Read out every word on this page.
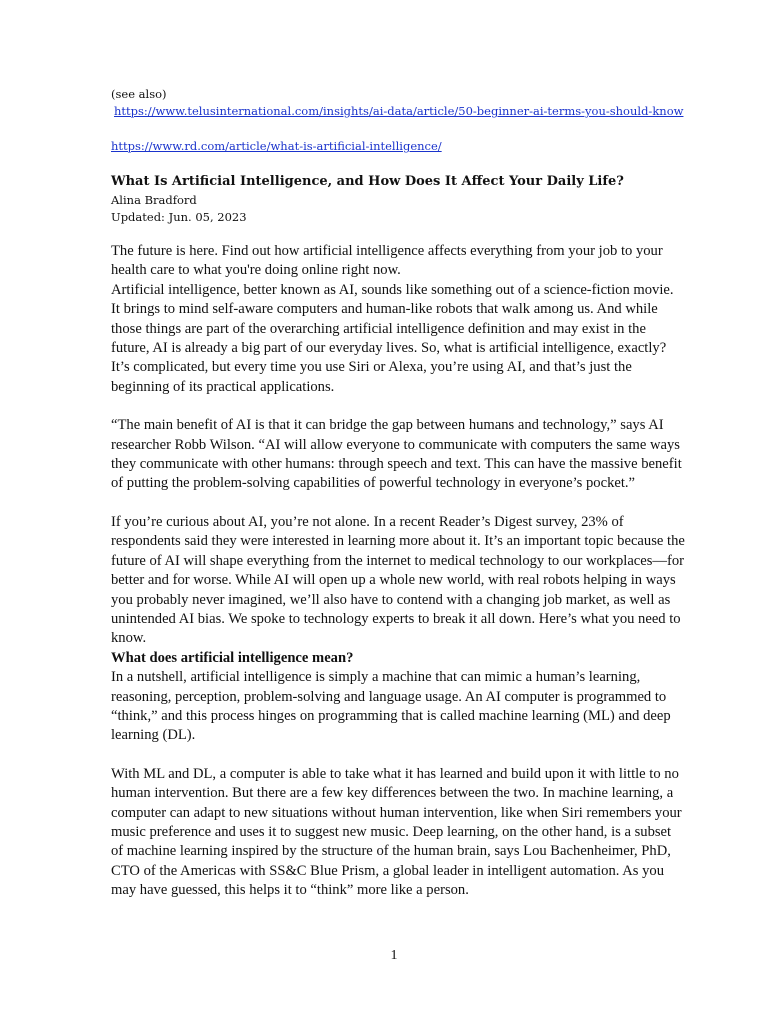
(see also)
https://www.telusinternational.com/insights/ai-data/article/50-beginner-ai-terms-you-should-know
https://www.rd.com/article/what-is-artificial-intelligence/
What Is Artificial Intelligence, and How Does It Affect Your Daily Life?
Alina Bradford
Updated: Jun. 05, 2023

The future is here. Find out how artificial intelligence affects everything from your job to your health care to what you're doing online right now.

Artificial intelligence, better known as AI, sounds like something out of a science-fiction movie. It brings to mind self-aware computers and human-like robots that walk among us. And while those things are part of the overarching artificial intelligence definition and may exist in the future, AI is already a big part of our everyday lives. So, what is artificial intelligence, exactly? It’s complicated, but every time you use Siri or Alexa, you’re using AI, and that’s just the beginning of its practical applications.

“The main benefit of AI is that it can bridge the gap between humans and technology,” says AI researcher Robb Wilson. “AI will allow everyone to communicate with computers the same ways they communicate with other humans: through speech and text. This can have the massive benefit of putting the problem-solving capabilities of powerful technology in everyone’s pocket.”

If you’re curious about AI, you’re not alone. In a recent Reader’s Digest survey, 23% of respondents said they were interested in learning more about it. It’s an important topic because the future of AI will shape everything from the internet to medical technology to our workplaces—for better and for worse. While AI will open up a whole new world, with real robots helping in ways you probably never imagined, we’ll also have to contend with a changing job market, as well as unintended AI bias. We spoke to technology experts to break it all down. Here’s what you need to know.

What does artificial intelligence mean?

In a nutshell, artificial intelligence is simply a machine that can mimic a human’s learning, reasoning, perception, problem-solving and language usage. An AI computer is programmed to “think,” and this process hinges on programming that is called machine learning (ML) and deep learning (DL).

With ML and DL, a computer is able to take what it has learned and build upon it with little to no human intervention. But there are a few key differences between the two. In machine learning, a computer can adapt to new situations without human intervention, like when Siri remembers your music preference and uses it to suggest new music. Deep learning, on the other hand, is a subset of machine learning inspired by the structure of the human brain, says Lou Bachenheimer, PhD, CTO of the Americas with SS&C Blue Prism, a global leader in intelligent automation. As you may have guessed, this helps it to “think” more like a person.

1
